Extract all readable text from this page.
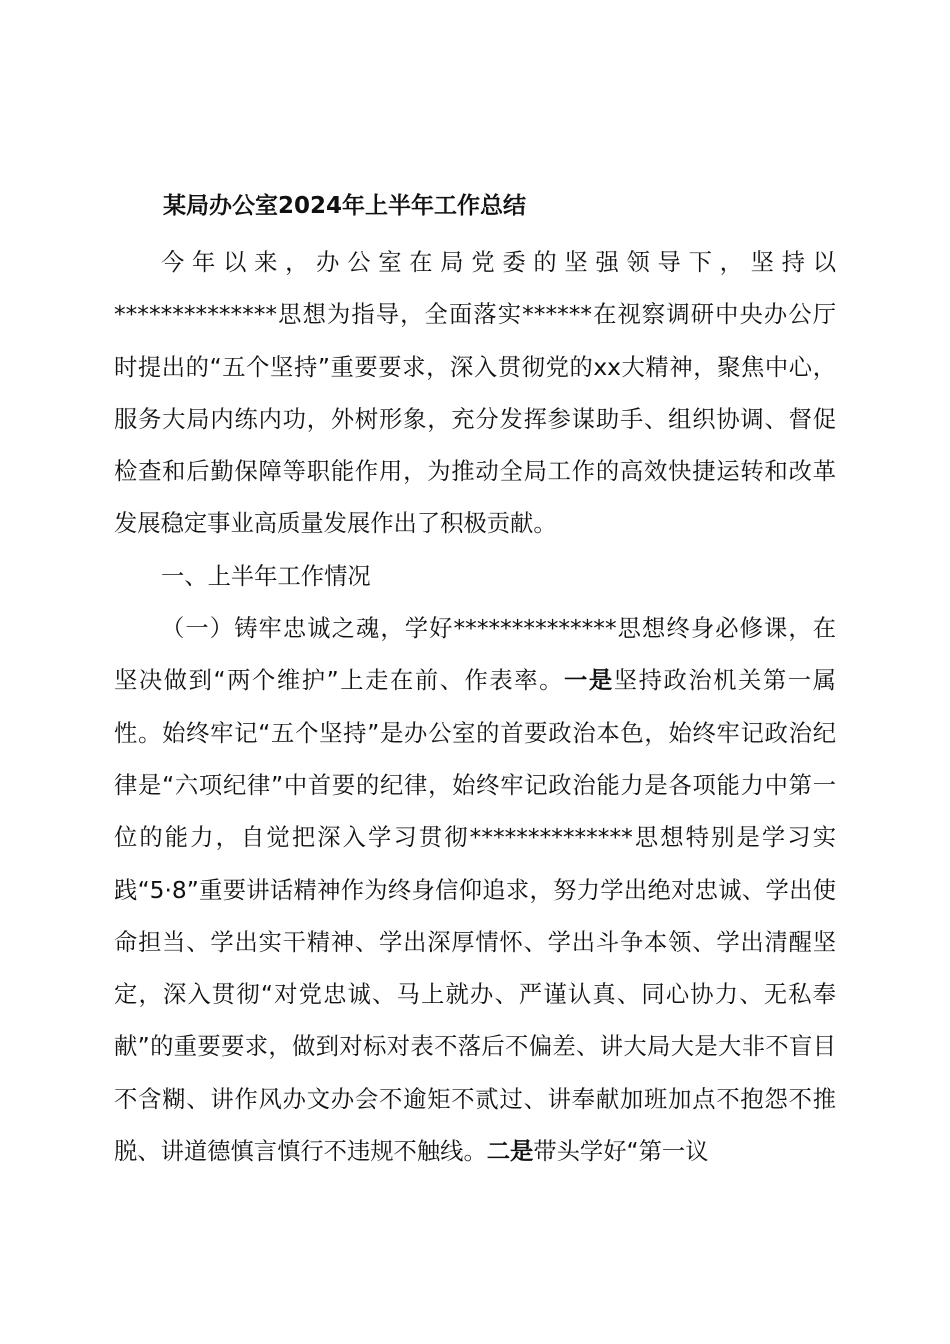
某局办公室2024年上半年工作总结

今年以来，办公室在局党委的坚强领导下，坚持以**************思想为指导，全面落实******在视察调研中央办公厅时提出的“五个坚持”重要要求，深入贯彻党的xx大精神，聚焦中心，服务大局内练内功，外树形象，充分发挥参谋助手、组织协调、督促检查和后勤保障等职能作用，为推动全局工作的高效快捷运转和改革发展稳定事业高质量发展作出了积极贡献。

一、上半年工作情况

（一）铸牢忠诚之魂，学好**************思想终身必修课，在坚决做到“两个维护”上走在前、作表率。一是坚持政治机关第一属性。始终牢记“五个坚持”是办公室的首要政治本色，始终牢记政治纪律是“六项纪律”中首要的纪律，始终牢记政治能力是各项能力中第一位的能力，自觉把深入学习贯彻**************思想特别是学习实践“5·8”重要讲话精神作为终身信仰追求，努力学出绝对忠诚、学出使命担当、学出实干精神、学出深厚情怀、学出斗争本领、学出清醒坚定，深入贯彻“对党忠诚、马上就办、严谨认真、同心协力、无私奉献”的重要要求，做到对标对表不落后不偏差、讲大局大是大非不盲目不含糊、讲作风办文办会不逾矩不贰过、讲奉献加班加点不抱怨不推脱、讲道德慎言慎行不违规不触线。二是带头学好“第一议
